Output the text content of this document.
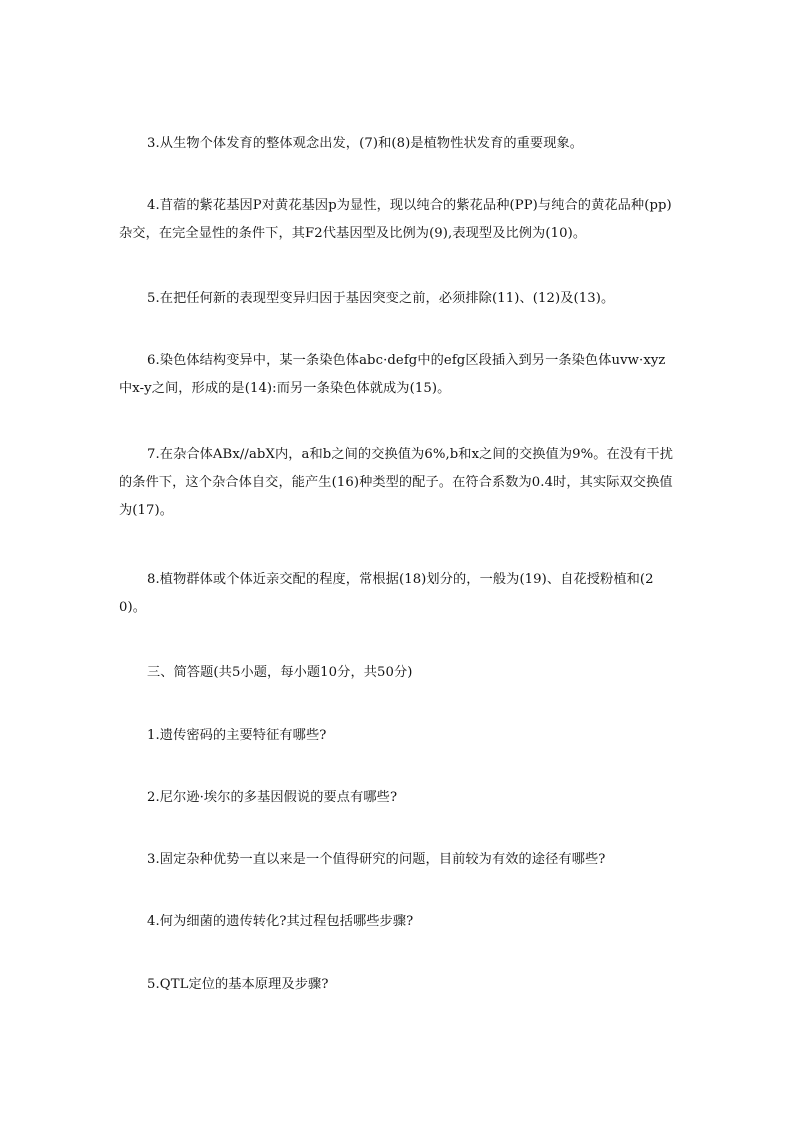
3.从生物个体发育的整体观念出发，(7)和(8)是植物性状发育的重要现象。
4.苜蓿的紫花基因P对黄花基因p为显性，现以纯合的紫花品种(PP)与纯合的黄花品种(pp)杂交，在完全显性的条件下，其F2代基因型及比例为(9),表现型及比例为(10)。
5.在把任何新的表现型变异归因于基因突变之前，必须排除(11)、(12)及(13)。
6.染色体结构变异中，某一条染色体abc·defg中的efg区段插入到另一条染色体uvw·xyz中x-y之间，形成的是(14):而另一条染色体就成为(15)。
7.在杂合体ABx//abX内，a和b之间的交换值为6%,b和x之间的交换值为9%。在没有干扰的条件下，这个杂合体自交，能产生(16)种类型的配子。在符合系数为0.4时，其实际双交换值为(17)。
8.植物群体或个体近亲交配的程度，常根据(18)划分的，一般为(19)、自花授粉植和(20)。
三、简答题(共5小题，每小题10分，共50分)
1.遗传密码的主要特征有哪些?
2.尼尔逊·埃尔的多基因假说的要点有哪些?
3.固定杂种优势一直以来是一个值得研究的问题，目前较为有效的途径有哪些?
4.何为细菌的遗传转化?其过程包括哪些步骤?
5.QTL定位的基本原理及步骤?
